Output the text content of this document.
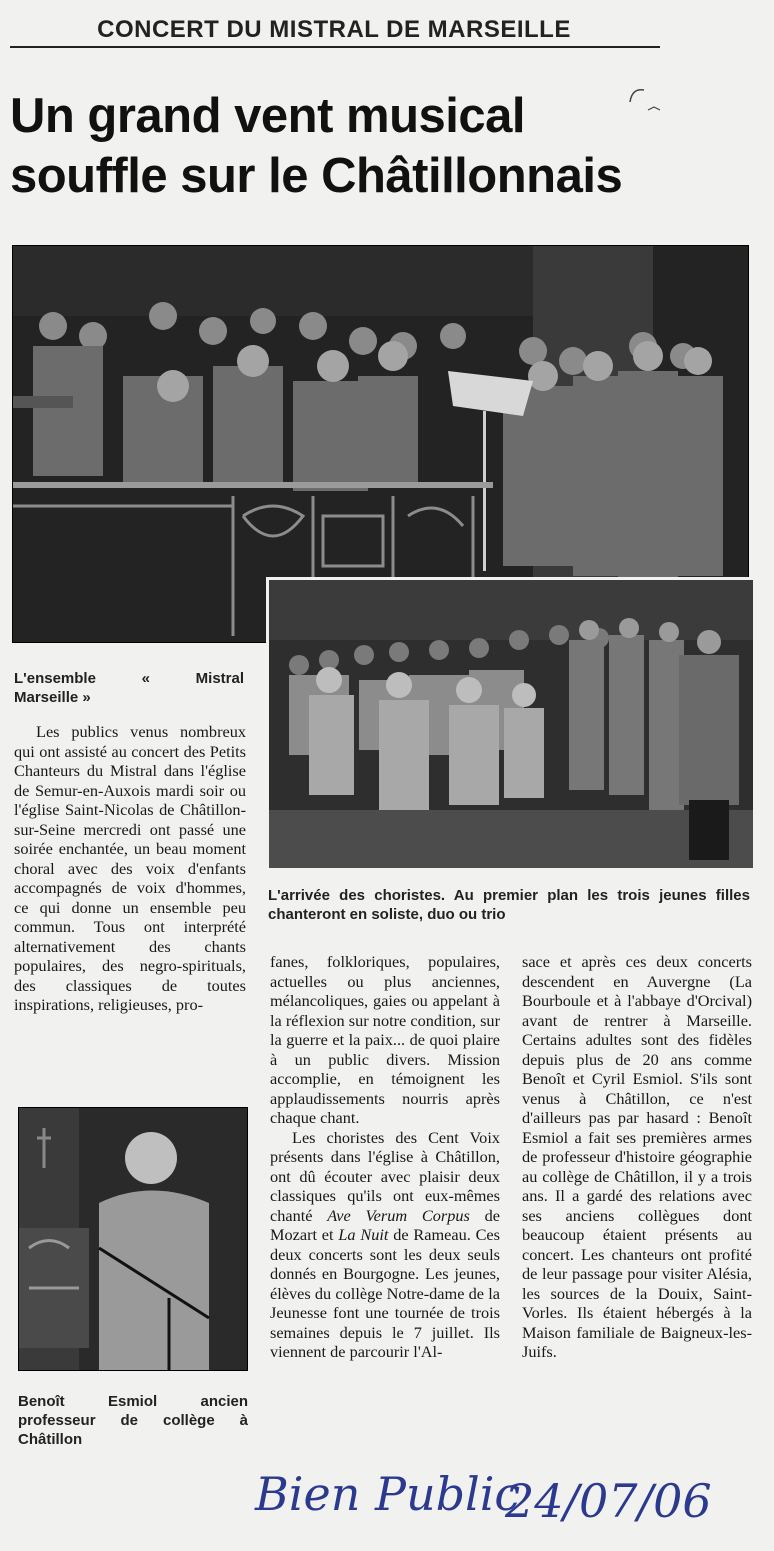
CONCERT DU MISTRAL DE MARSEILLE
Un grand vent musical
souffle sur le Châtillonnais
L'ensemble « Mistral
Marseille »
L'arrivée des choristes. Au premier plan les trois jeunes filles chanteront en soliste, duo ou trio

Les publics venus nombreux qui ont assisté au concert des Petits Chanteurs du Mistral dans l'église de Semur-en-Auxois mardi soir ou l'église Saint-Nicolas de Châtillon-sur-Seine mercredi ont passé une soirée enchantée, un beau moment choral avec des voix d'enfants accompagnés de voix d'hommes, ce qui donne un ensemble peu commun. Tous ont interprété alternativement des chants populaires, des negro-spirituals, des classiques de toutes inspirations, religieuses, pro-

Benoît Esmiol ancien professeur de collège à Châtillon

fanes, folkloriques, populaires, actuelles ou plus anciennes, mélancoliques, gaies ou appelant à la réflexion sur notre condition, sur la guerre et la paix... de quoi plaire à un public divers. Mission accomplie, en témoignent les applaudissements nourris après chaque chant.

Les choristes des Cent Voix présents dans l'église à Châtillon, ont dû écouter avec plaisir deux classiques qu'ils ont eux-mêmes chanté Ave Verum Corpus de Mozart et La Nuit de Rameau. Ces deux concerts sont les deux seuls donnés en Bourgogne. Les jeunes, élèves du collège Notre-dame de la Jeunesse font une tournée de trois semaines depuis le 7 juillet. Ils viennent de parcourir l'Al-

sace et après ces deux concerts descendent en Auvergne (La Bourboule et à l'abbaye d'Orcival) avant de rentrer à Marseille. Certains adultes sont des fidèles depuis plus de 20 ans comme Benoît et Cyril Esmiol. S'ils sont venus à Châtillon, ce n'est d'ailleurs pas par hasard : Benoît Esmiol a fait ses premières armes de professeur d'histoire géographie au collège de Châtillon, il y a trois ans. Il a gardé des relations avec ses anciens collègues dont beaucoup étaient présents au concert. Les chanteurs ont profité de leur passage pour visiter Alésia, les sources de la Douix, Saint-Vorles. Ils étaient hébergés à la Maison familiale de Baigneux-les-Juifs.

Bien Public
24/07/06
